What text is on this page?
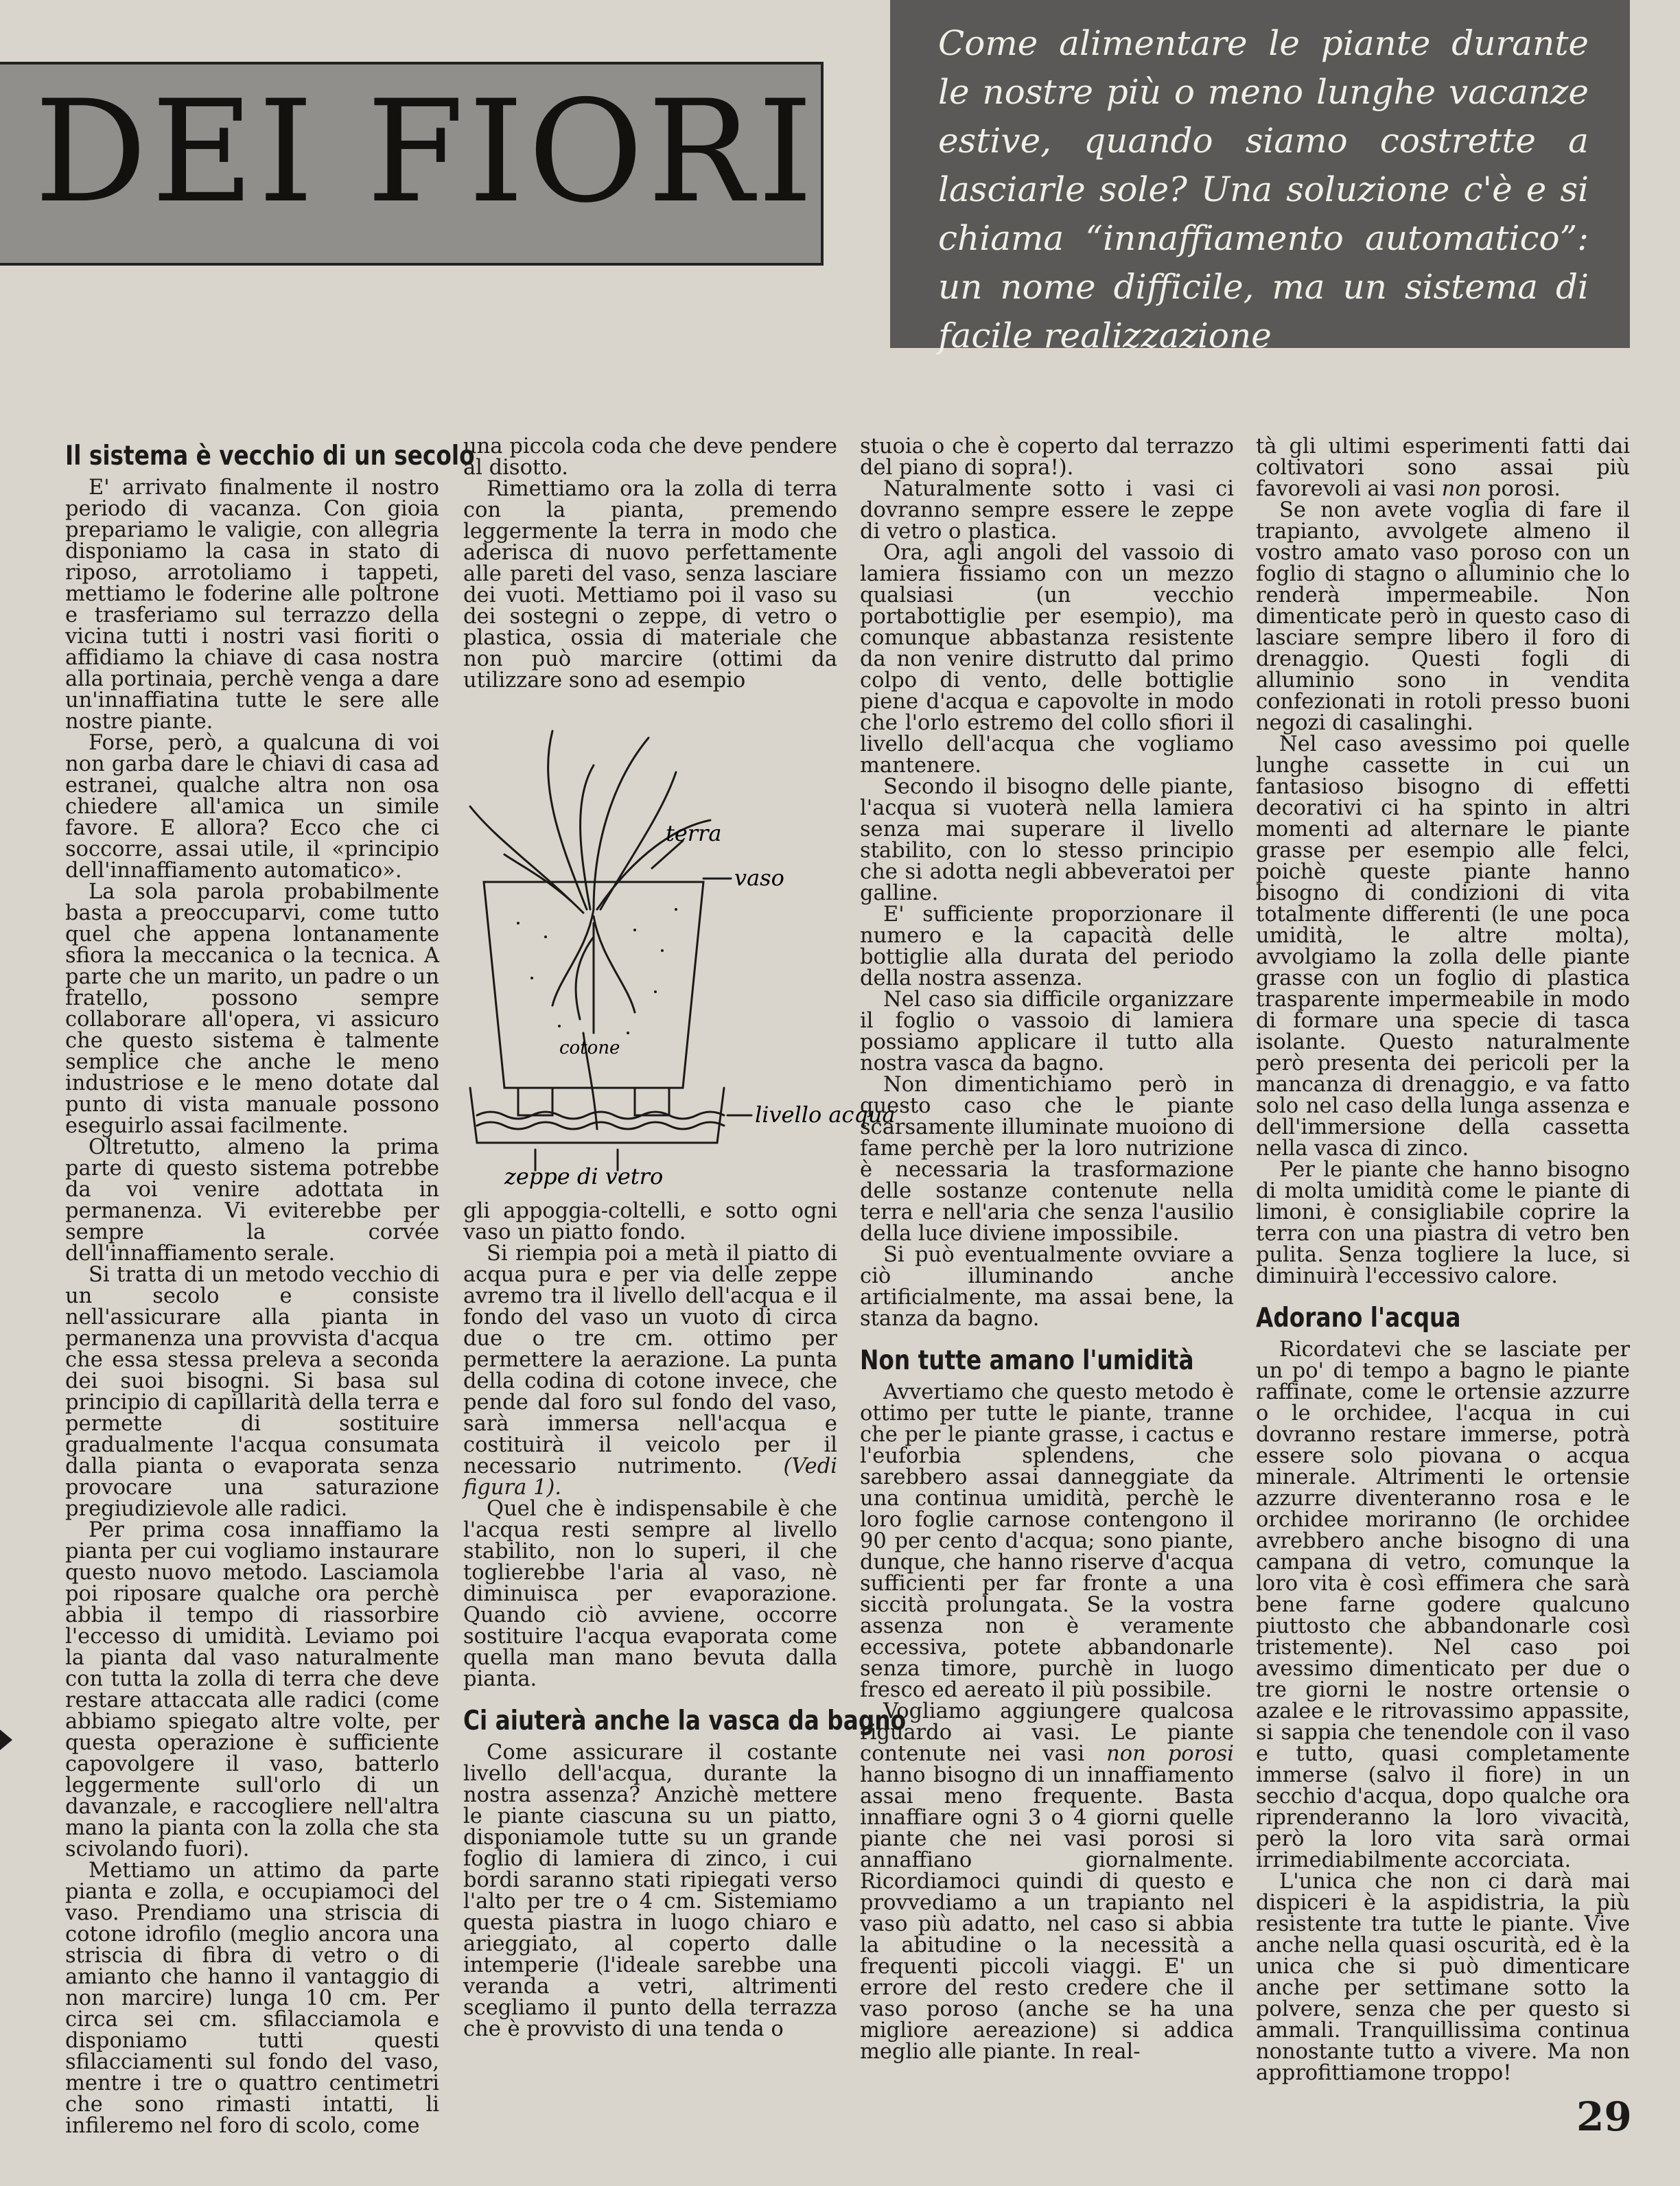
DEI FIORI
Come alimentare le piante durante le nostre più o meno lunghe vacanze estive, quando siamo costrette a lasciarle sole? Una soluzione c'è e si chiama “innaffiamento automatico”: un nome difficile, ma un sistema di facile realizzazione
Il sistema è vecchio di un secolo

E' arrivato finalmente il nostro periodo di vacanza. Con gioia prepariamo le valigie, con allegria disponiamo la casa in stato di riposo, arrotoliamo i tappeti, mettiamo le foderine alle poltrone e trasferiamo sul terrazzo della vicina tutti i nostri vasi fioriti o affidiamo la chiave di casa nostra alla portinaia, perchè venga a dare un'innaffiatina tutte le sere alle nostre piante.

Forse, però, a qualcuna di voi non garba dare le chiavi di casa ad estranei, qualche altra non osa chiedere all'amica un simile favore. E allora? Ecco che ci soccorre, assai utile, il «principio dell'innaffiamento automatico».

La sola parola probabilmente basta a preoccuparvi, come tutto quel che appena lontanamente sfiora la meccanica o la tecnica. A parte che un marito, un padre o un fratello, possono sempre collaborare all'opera, vi assicuro che questo sistema è talmente semplice che anche le meno industriose e le meno dotate dal punto di vista manuale possono eseguirlo assai facilmente.

Oltretutto, almeno la prima parte di questo sistema potrebbe da voi venire adottata in permanenza. Vi eviterebbe per sempre la corvée dell'innaffiamento serale.

Si tratta di un metodo vecchio di un secolo e consiste nell'assicurare alla pianta in permanenza una provvista d'acqua che essa stessa preleva a seconda dei suoi bisogni. Si basa sul principio di capillarità della terra e permette di sostituire gradualmente l'acqua consumata dalla pianta o evaporata senza provocare una saturazione pregiudizievole alle radici.

Per prima cosa innaffiamo la pianta per cui vogliamo instaurare questo nuovo metodo. Lasciamola poi riposare qualche ora perchè abbia il tempo di riassorbire l'eccesso di umidità. Leviamo poi la pianta dal vaso naturalmente con tutta la zolla di terra che deve restare attaccata alle radici (come abbiamo spiegato altre volte, per questa operazione è sufficiente capovolgere il vaso, batterlo leggermente sull'orlo di un davanzale, e raccogliere nell'altra mano la pianta con la zolla che sta scivolando fuori).

Mettiamo un attimo da parte pianta e zolla, e occupiamoci del vaso. Prendiamo una striscia di cotone idrofilo (meglio ancora una striscia di fibra di vetro o di amianto che hanno il vantaggio di non marcire) lunga 10 cm. Per circa sei cm. sfilacciamola e disponiamo tutti questi sfilacciamenti sul fondo del vaso, mentre i tre o quattro centimetri che sono rimasti intatti, li infileremo nel foro di scolo, come

una piccola coda che deve pendere al disotto.

Rimettiamo ora la zolla di terra con la pianta, premendo leggermente la terra in modo che aderisca di nuovo perfettamente alle pareti del vaso, senza lasciare dei vuoti. Mettiamo poi il vaso su dei sostegni o zeppe, di vetro o plastica, ossia di materiale che non può marcire (ottimi da utilizzare sono ad esempio

terra
vaso
cotone
livello acqua
zeppe di vetro

gli appoggia-coltelli, e sotto ogni vaso un piatto fondo.

Si riempia poi a metà il piatto di acqua pura e per via delle zeppe avremo tra il livello dell'acqua e il fondo del vaso un vuoto di circa due o tre cm. ottimo per permettere la aerazione. La punta della codina di cotone invece, che pende dal foro sul fondo del vaso, sarà immersa nell'acqua e costituirà il veicolo per il necessario nutrimento. (Vedi figura 1).

Quel che è indispensabile è che l'acqua resti sempre al livello stabilito, non lo superi, il che toglierebbe l'aria al vaso, nè diminuisca per evaporazione. Quando ciò avviene, occorre sostituire l'acqua evaporata come quella man mano bevuta dalla pianta.

Ci aiuterà anche la vasca da bagno

Come assicurare il costante livello dell'acqua, durante la nostra assenza? Anzichè mettere le piante ciascuna su un piatto, disponiamole tutte su un grande foglio di lamiera di zinco, i cui bordi saranno stati ripiegati verso l'alto per tre o 4 cm. Sistemiamo questa piastra in luogo chiaro e arieggiato, al coperto dalle intemperie (l'ideale sarebbe una veranda a vetri, altrimenti scegliamo il punto della terrazza che è provvisto di una tenda o

stuoia o che è coperto dal terrazzo del piano di sopra!).

Naturalmente sotto i vasi ci dovranno sempre essere le zeppe di vetro o plastica.

Ora, agli angoli del vassoio di lamiera fissiamo con un mezzo qualsiasi (un vecchio portabottiglie per esempio), ma comunque abbastanza resistente da non venire distrutto dal primo colpo di vento, delle bottiglie piene d'acqua e capovolte in modo che l'orlo estremo del collo sfiori il livello dell'acqua che vogliamo mantenere.

Secondo il bisogno delle piante, l'acqua si vuoterà nella lamiera senza mai superare il livello stabilito, con lo stesso principio che si adotta negli abbeveratoi per galline.

E' sufficiente proporzionare il numero e la capacità delle bottiglie alla durata del periodo della nostra assenza.

Nel caso sia difficile organizzare il foglio o vassoio di lamiera possiamo applicare il tutto alla nostra vasca da bagno.

Non dimentichiamo però in questo caso che le piante scarsamente illuminate muoiono di fame perchè per la loro nutrizione è necessaria la trasformazione delle sostanze contenute nella terra e nell'aria che senza l'ausilio della luce diviene impossibile.

Si può eventualmente ovviare a ciò illuminando anche artificialmente, ma assai bene, la stanza da bagno.

Non tutte amano l'umidità

Avvertiamo che questo metodo è ottimo per tutte le piante, tranne che per le piante grasse, i cactus e l'euforbia splendens, che sarebbero assai danneggiate da una continua umidità, perchè le loro foglie carnose contengono il 90 per cento d'acqua; sono piante, dunque, che hanno riserve d'acqua sufficienti per far fronte a una siccità prolungata. Se la vostra assenza non è veramente eccessiva, potete abbandonarle senza timore, purchè in luogo fresco ed aereato il più possibile.

Vogliamo aggiungere qualcosa riguardo ai vasi. Le piante contenute nei vasi non porosi hanno bisogno di un innaffiamento assai meno frequente. Basta innaffiare ogni 3 o 4 giorni quelle piante che nei vasi porosi si annaffiano giornalmente. Ricordiamoci quindi di questo e provvediamo a un trapianto nel vaso più adatto, nel caso si abbia la abitudine o la necessità a frequenti piccoli viaggi. E' un errore del resto credere che il vaso poroso (anche se ha una migliore aereazione) si addica meglio alle piante. In real-

tà gli ultimi esperimenti fatti dai coltivatori sono assai più favorevoli ai vasi non porosi.

Se non avete voglia di fare il trapianto, avvolgete almeno il vostro amato vaso poroso con un foglio di stagno o alluminio che lo renderà impermeabile. Non dimenticate però in questo caso di lasciare sempre libero il foro di drenaggio. Questi fogli di alluminio sono in vendita confezionati in rotoli presso buoni negozi di casalinghi.

Nel caso avessimo poi quelle lunghe cassette in cui un fantasioso bisogno di effetti decorativi ci ha spinto in altri momenti ad alternare le piante grasse per esempio alle felci, poichè queste piante hanno bisogno di condizioni di vita totalmente differenti (le une poca umidità, le altre molta), avvolgiamo la zolla delle piante grasse con un foglio di plastica trasparente impermeabile in modo di formare una specie di tasca isolante. Questo naturalmente però presenta dei pericoli per la mancanza di drenaggio, e va fatto solo nel caso della lunga assenza e dell'immersione della cassetta nella vasca di zinco.

Per le piante che hanno bisogno di molta umidità come le piante di limoni, è consigliabile coprire la terra con una piastra di vetro ben pulita. Senza togliere la luce, si diminuirà l'eccessivo calore.

Adorano l'acqua

Ricordatevi che se lasciate per un po' di tempo a bagno le piante raffinate, come le ortensie azzurre o le orchidee, l'acqua in cui dovranno restare immerse, potrà essere solo piovana o acqua minerale. Altrimenti le ortensie azzurre diventeranno rosa e le orchidee moriranno (le orchidee avrebbero anche bisogno di una campana di vetro, comunque la loro vita è così effimera che sarà bene farne godere qualcuno piuttosto che abbandonarle così tristemente). Nel caso poi avessimo dimenticato per due o tre giorni le nostre ortensie o azalee e le ritrovassimo appassite, si sappia che tenendole con il vaso e tutto, quasi completamente immerse (salvo il fiore) in un secchio d'acqua, dopo qualche ora riprenderanno la loro vivacità, però la loro vita sarà ormai irrimediabilmente accorciata.

L'unica che non ci darà mai dispiceri è la aspidistria, la più resistente tra tutte le piante. Vive anche nella quasi oscurità, ed è la unica che si può dimenticare anche per settimane sotto la polvere, senza che per questo si ammali. Tranquillissima continua nonostante tutto a vivere. Ma non approfittiamone troppo!

29
